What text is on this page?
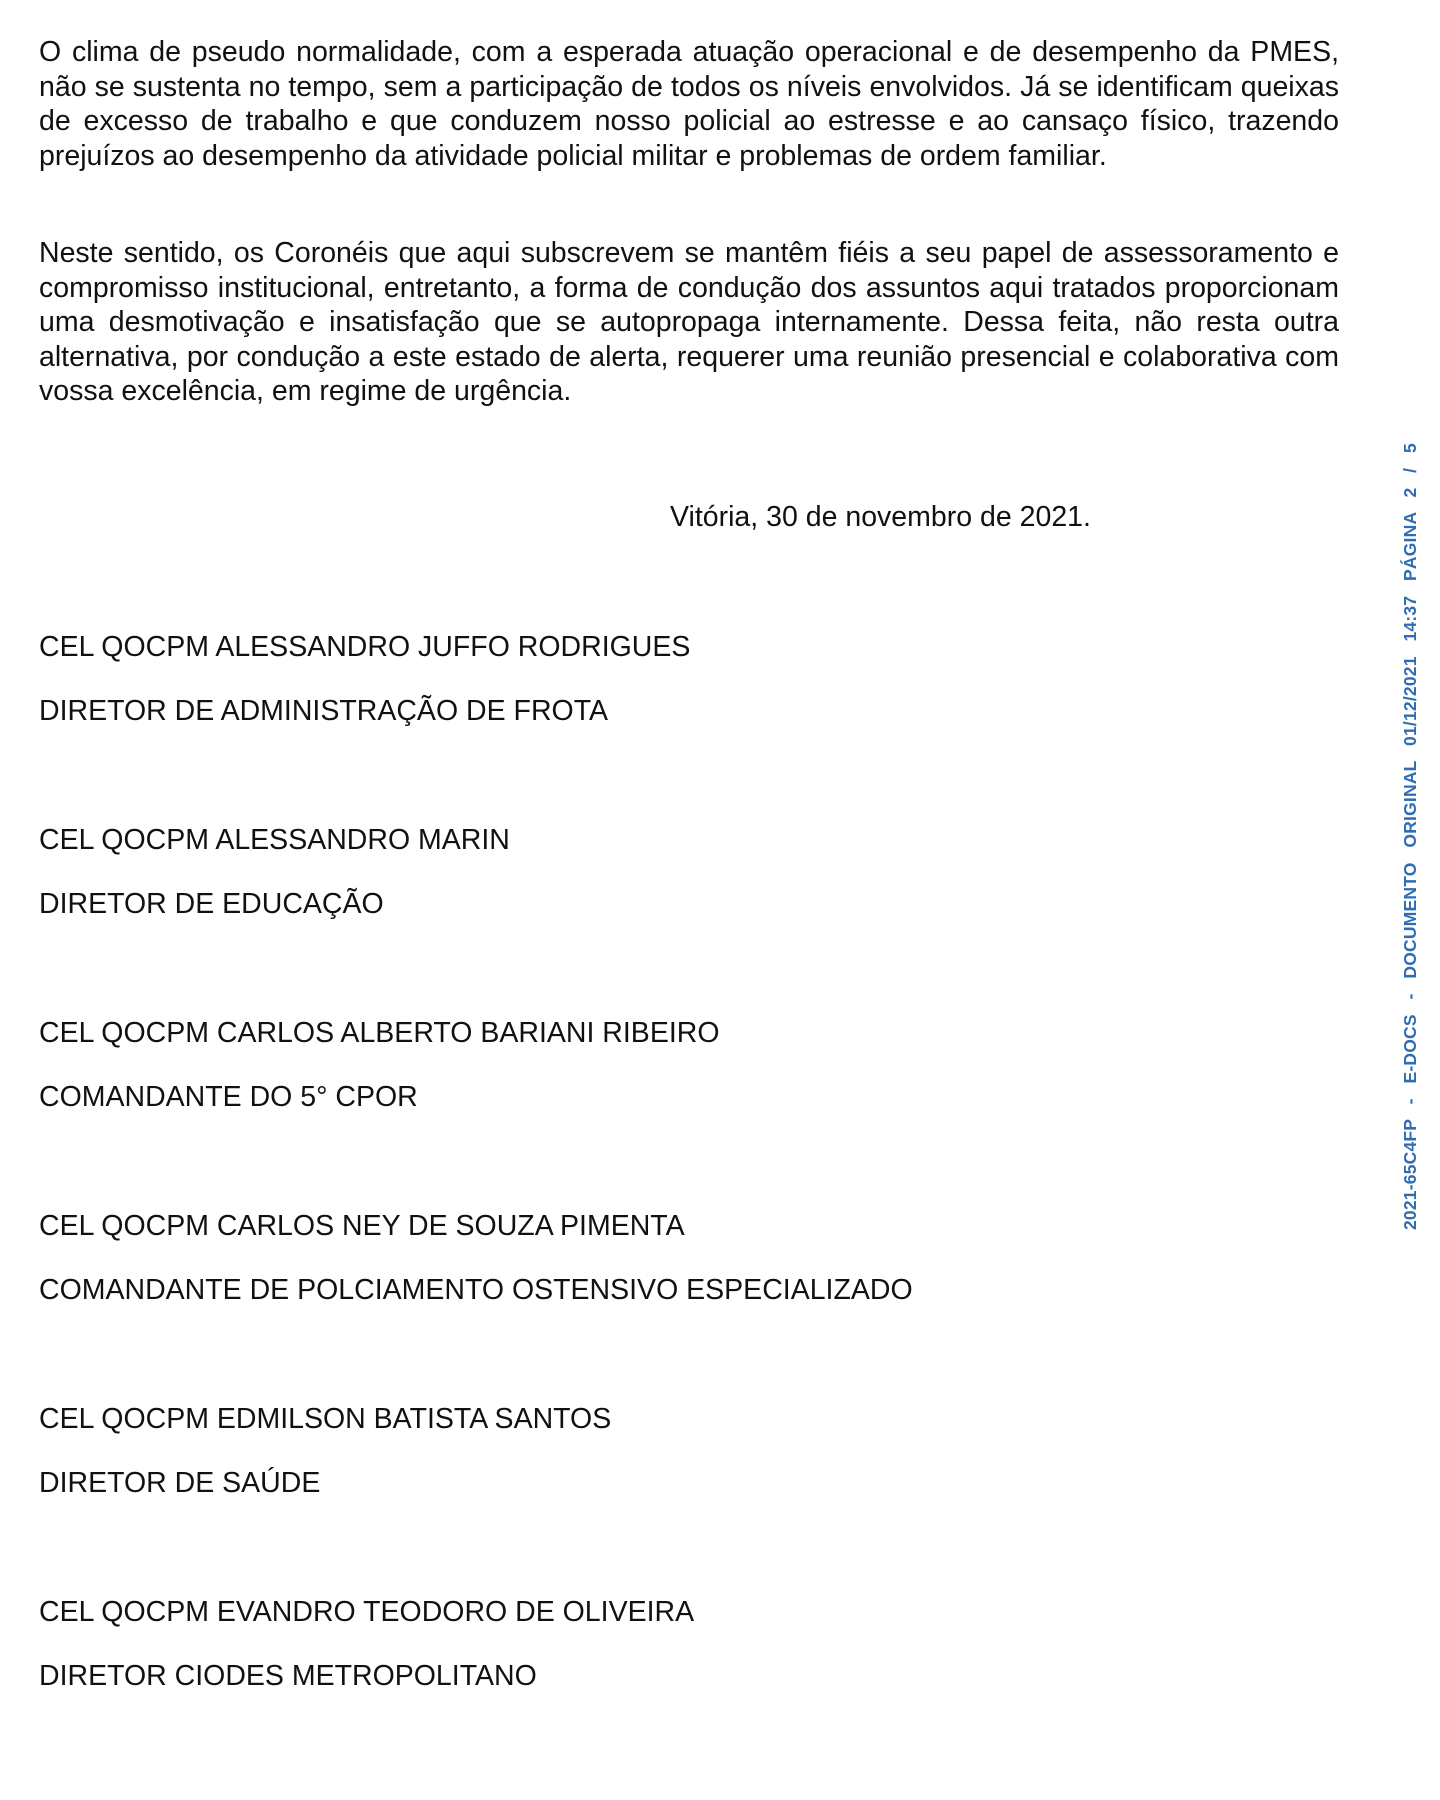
O clima de pseudo normalidade, com a esperada atuação operacional e de desempenho da PMES, não se sustenta no tempo, sem a participação de todos os níveis envolvidos. Já se identificam queixas de excesso de trabalho e que conduzem nosso policial ao estresse e ao cansaço físico, trazendo prejuízos ao desempenho da atividade policial militar e problemas de ordem familiar.

Neste sentido, os Coronéis que aqui subscrevem se mantêm fiéis a seu papel de assessoramento e compromisso institucional, entretanto, a forma de condução dos assuntos aqui tratados proporcionam uma desmotivação e insatisfação que se autopropaga internamente. Dessa feita, não resta outra alternativa, por condução a este estado de alerta, requerer uma reunião presencial e colaborativa com vossa excelência, em regime de urgência.

Vitória, 30 de novembro de 2021.

CEL QOCPM ALESSANDRO JUFFO RODRIGUES

DIRETOR DE ADMINISTRAÇÃO DE FROTA

CEL QOCPM ALESSANDRO MARIN

DIRETOR DE EDUCAÇÃO

CEL QOCPM CARLOS ALBERTO BARIANI RIBEIRO

COMANDANTE DO 5° CPOR

CEL QOCPM CARLOS NEY DE SOUZA PIMENTA

COMANDANTE DE POLCIAMENTO OSTENSIVO ESPECIALIZADO

CEL QOCPM EDMILSON BATISTA SANTOS

DIRETOR DE SAÚDE

CEL QOCPM EVANDRO TEODORO DE OLIVEIRA

DIRETOR CIODES METROPOLITANO

2021-65C4FP - E-DOCS - DOCUMENTO ORIGINAL 01/12/2021 14:37 PÁGINA 2 / 5
